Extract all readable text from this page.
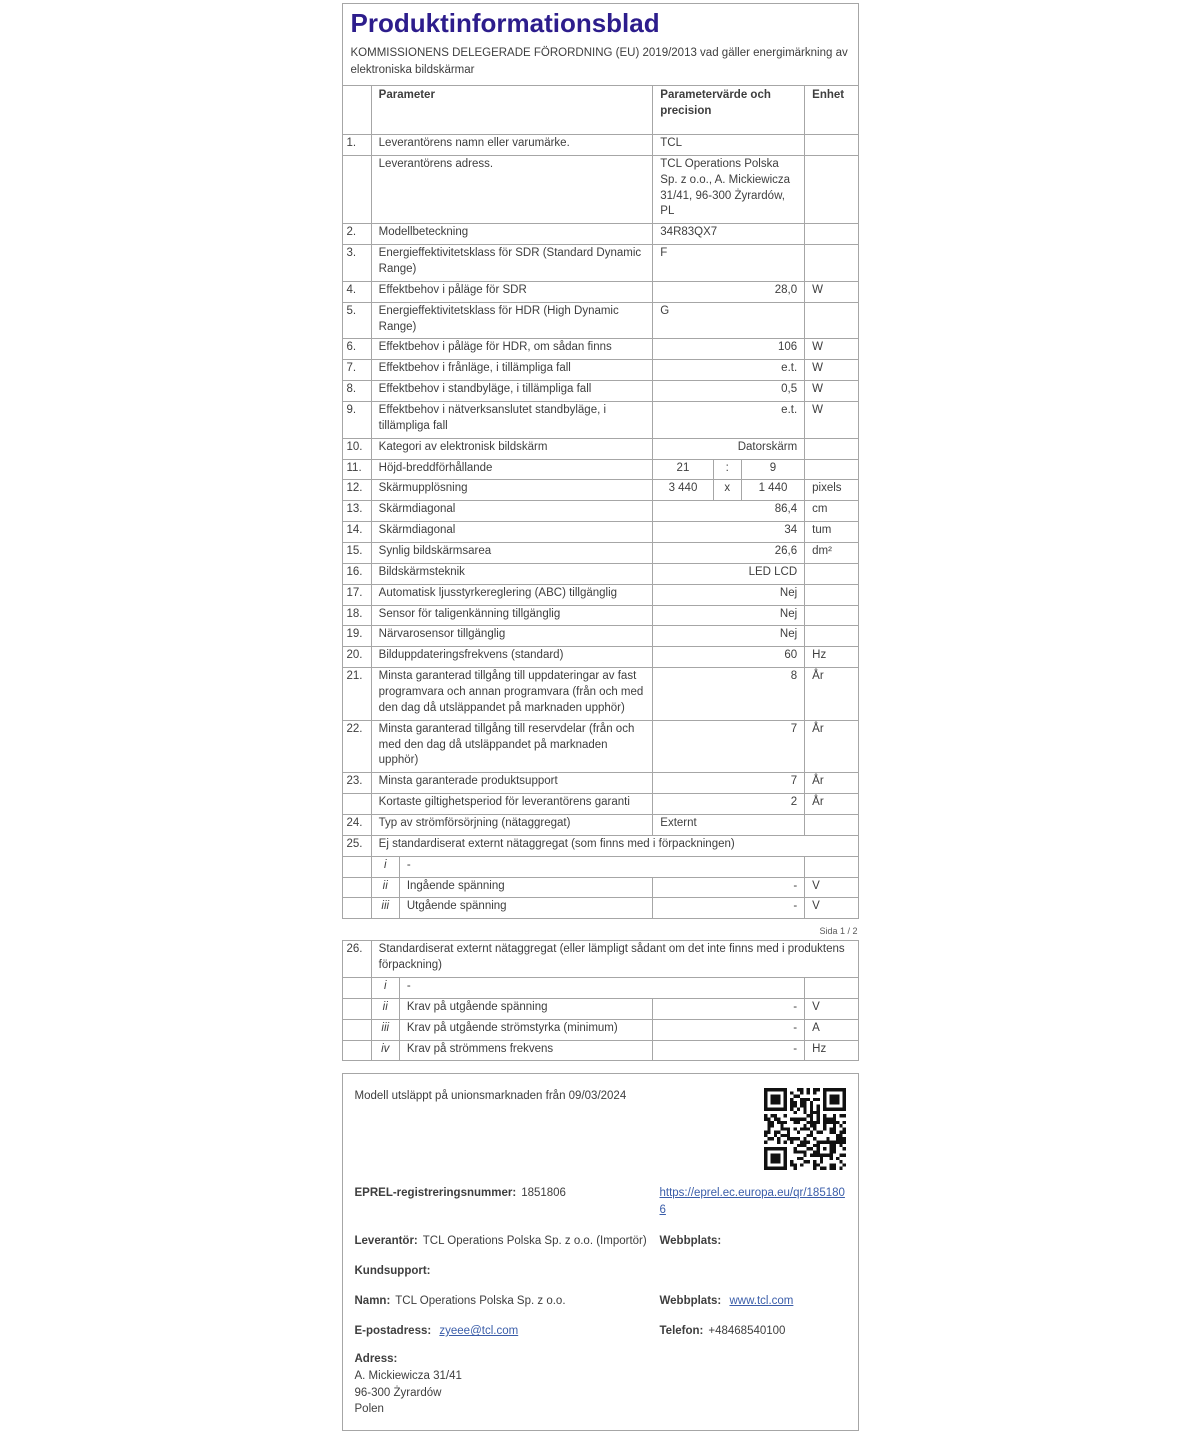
Produktinformationsblad
KOMMISSIONENS DELEGERADE FÖRORDNING (EU) 2019/2013 vad gäller energimärkning av elektroniska bildskärmar
	Parameter		Parametervärde och precision			Enhet
1.	Leverantörens namn eller varumärke.		TCL			
	Leverantörens adress.		TCL Operations Polska Sp. z o.o., A. Mickiewicza 31/41, 96-300 Żyrardów, PL			
2.	Modellbeteckning		34R83QX7			
3.	Energieffektivitetsklass för SDR (Standard Dynamic Range)		F			
4.	Effektbehov i påläge för SDR		28,0			W
5.	Energieffektivitetsklass för HDR (High Dynamic Range)		G			
6.	Effektbehov i påläge för HDR, om sådan finns		106			W
7.	Effektbehov i frånläge, i tillämpliga fall		e.t.			W
8.	Effektbehov i standbyläge, i tillämpliga fall		0,5			W
9.	Effektbehov i nätverksanslutet standbyläge, i tillämpliga fall		e.t.			W
10.	Kategori av elektronisk bildskärm		Datorskärm			
11.	Höjd-breddförhållande		21	:	9	
12.	Skärmupplösning		3 440	x	1 440	pixels
13.	Skärmdiagonal		86,4			cm
14.	Skärmdiagonal		34			tum
15.	Synlig bildskärmsarea		26,6			dm²
16.	Bildskärmsteknik		LED LCD			
17.	Automatisk ljusstyrkereglering (ABC) tillgänglig		Nej			
18.	Sensor för taligenkänning tillgänglig		Nej			
19.	Närvarosensor tillgänglig		Nej			
20.	Bilduppdateringsfrekvens (standard)		60			Hz
21.	Minsta garanterad tillgång till uppdateringar av fast programvara och annan programvara (från och med den dag då utsläppandet på marknaden upphör)		8			År
22.	Minsta garanterad tillgång till reservdelar (från och med den dag då utsläppandet på marknaden upphör)		7			År
23.	Minsta garanterade produktsupport		7			År
	Kortaste giltighetsperiod för leverantörens garanti		2			År
24.	Typ av strömförsörjning (nätaggregat)		Externt			
25.	Ej standardiserat externt nätaggregat (som finns med i förpackningen)					
	i	-				
	ii	Ingående spänning	-			V
	iii	Utgående spänning	-			V
Sida 1 / 2
26.	Standardiserat externt nätaggregat (eller lämpligt sådant om det inte finns med i produktens förpackning)			
	i	-		
	ii	Krav på utgående spänning	-	V
	iii	Krav på utgående strömstyrka (minimum)	-	A
	iv	Krav på strömmens frekvens	-	Hz
Modell utsläppt på unionsmarknaden från 09/03/2024
EPREL-registreringsnummer: 1851806	https://eprel.ec.europa.eu/qr/1851806
Leverantör: TCL Operations Polska Sp. z o.o. (Importör)	Webbplats:
Kundsupport:
Namn: TCL Operations Polska Sp. z o.o.	Webbplats: www.tcl.com
E-postadress: zyeee@tcl.com	Telefon: +48468540100
Adress:
A. Mickiewicza 31/41
96-300 Żyrardów
Polen
